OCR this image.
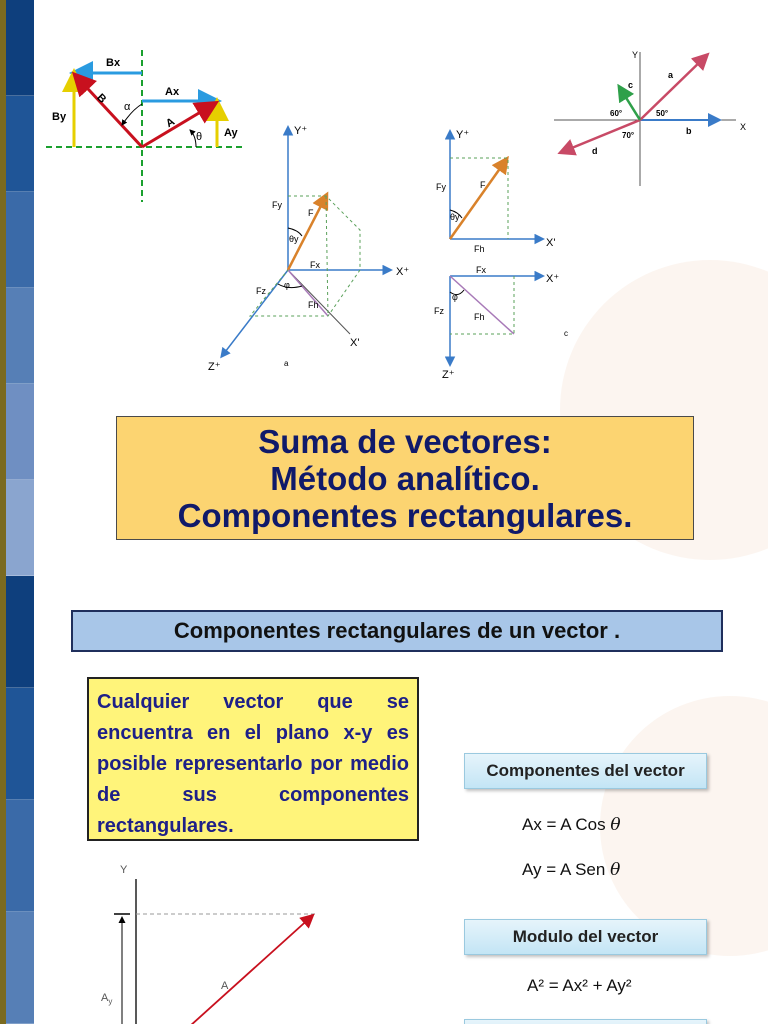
Bx
Ax
By
Ay
B
A
α
θ	Y⁺
X⁺
Z⁺
X'
Fy
F
Fx
Fz
Fh
θy
φ
a
Y⁺
X'
Fy	F
Fh
θy
X⁺
Z⁺
Fx
Fz
Fh
φ
c
Y
X
a
b
c
d
60°	50°
70°
Suma de vectores:
Método analítico.
Componentes rectangulares.
Componentes rectangulares de un vector .
Cualquier vector que se encuentra en el plano x-y es posible representarlo por medio de sus componentes rectangulares.
Componentes del vector
Ax = A Cos θ
Ay = A Sen θ
Modulo del vector
A² = Ax² + Ay²
Y
A
$A_y$
